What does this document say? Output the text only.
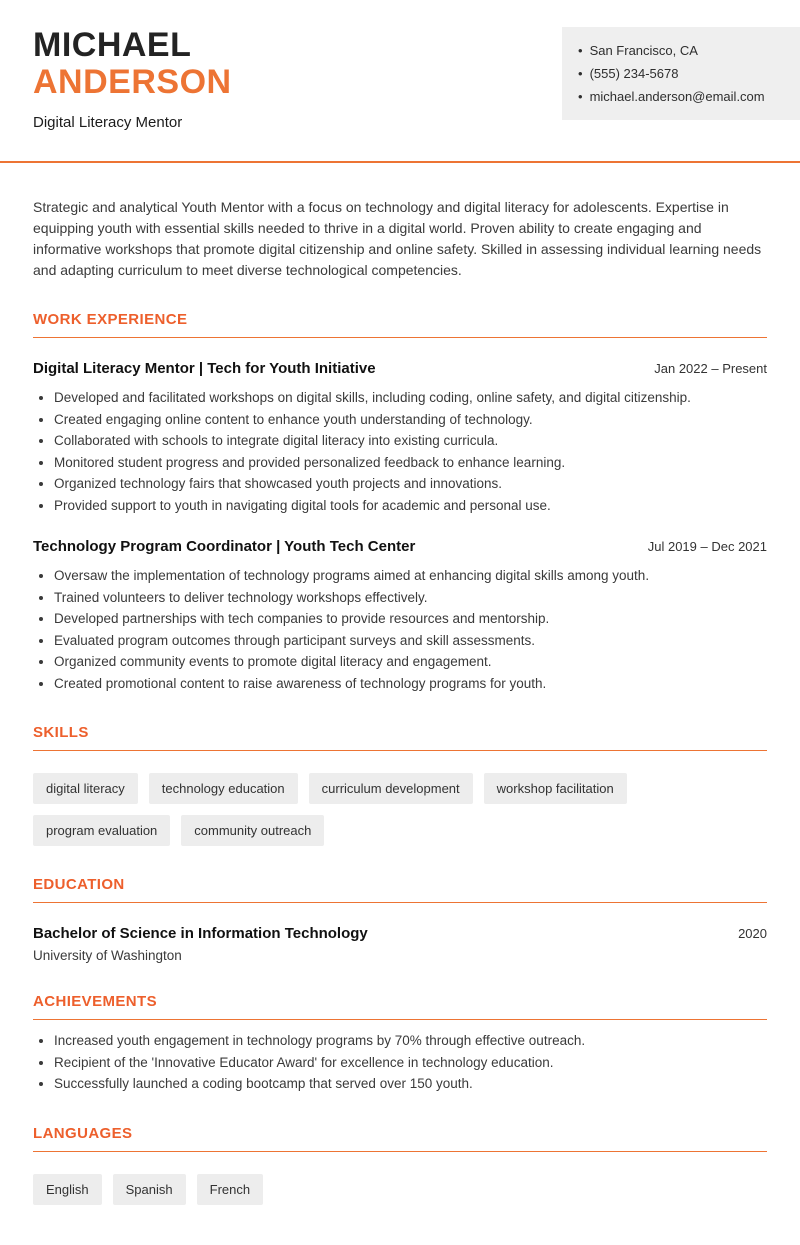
MICHAEL
ANDERSON
Digital Literacy Mentor
• San Francisco, CA
• (555) 234-5678
• michael.anderson@email.com

Strategic and analytical Youth Mentor with a focus on technology and digital literacy for adolescents. Expertise in equipping youth with essential skills needed to thrive in a digital world. Proven ability to create engaging and informative workshops that promote digital citizenship and online safety. Skilled in assessing individual learning needs and adapting curriculum to meet diverse technological competencies.

WORK EXPERIENCE
Digital Literacy Mentor | Tech for Youth Initiative	Jan 2022 – Present
• Developed and facilitated workshops on digital skills, including coding, online safety, and digital citizenship.
• Created engaging online content to enhance youth understanding of technology.
• Collaborated with schools to integrate digital literacy into existing curricula.
• Monitored student progress and provided personalized feedback to enhance learning.
• Organized technology fairs that showcased youth projects and innovations.
• Provided support to youth in navigating digital tools for academic and personal use.
Technology Program Coordinator | Youth Tech Center	Jul 2019 – Dec 2021
• Oversaw the implementation of technology programs aimed at enhancing digital skills among youth.
• Trained volunteers to deliver technology workshops effectively.
• Developed partnerships with tech companies to provide resources and mentorship.
• Evaluated program outcomes through participant surveys and skill assessments.
• Organized community events to promote digital literacy and engagement.
• Created promotional content to raise awareness of technology programs for youth.
SKILLS
digital literacy	technology education	curriculum development	workshop facilitation
program evaluation	community outreach
EDUCATION
Bachelor of Science in Information Technology	2020
University of Washington
ACHIEVEMENTS
• Increased youth engagement in technology programs by 70% through effective outreach.
• Recipient of the 'Innovative Educator Award' for excellence in technology education.
• Successfully launched a coding bootcamp that served over 150 youth.
LANGUAGES
English	Spanish	French
